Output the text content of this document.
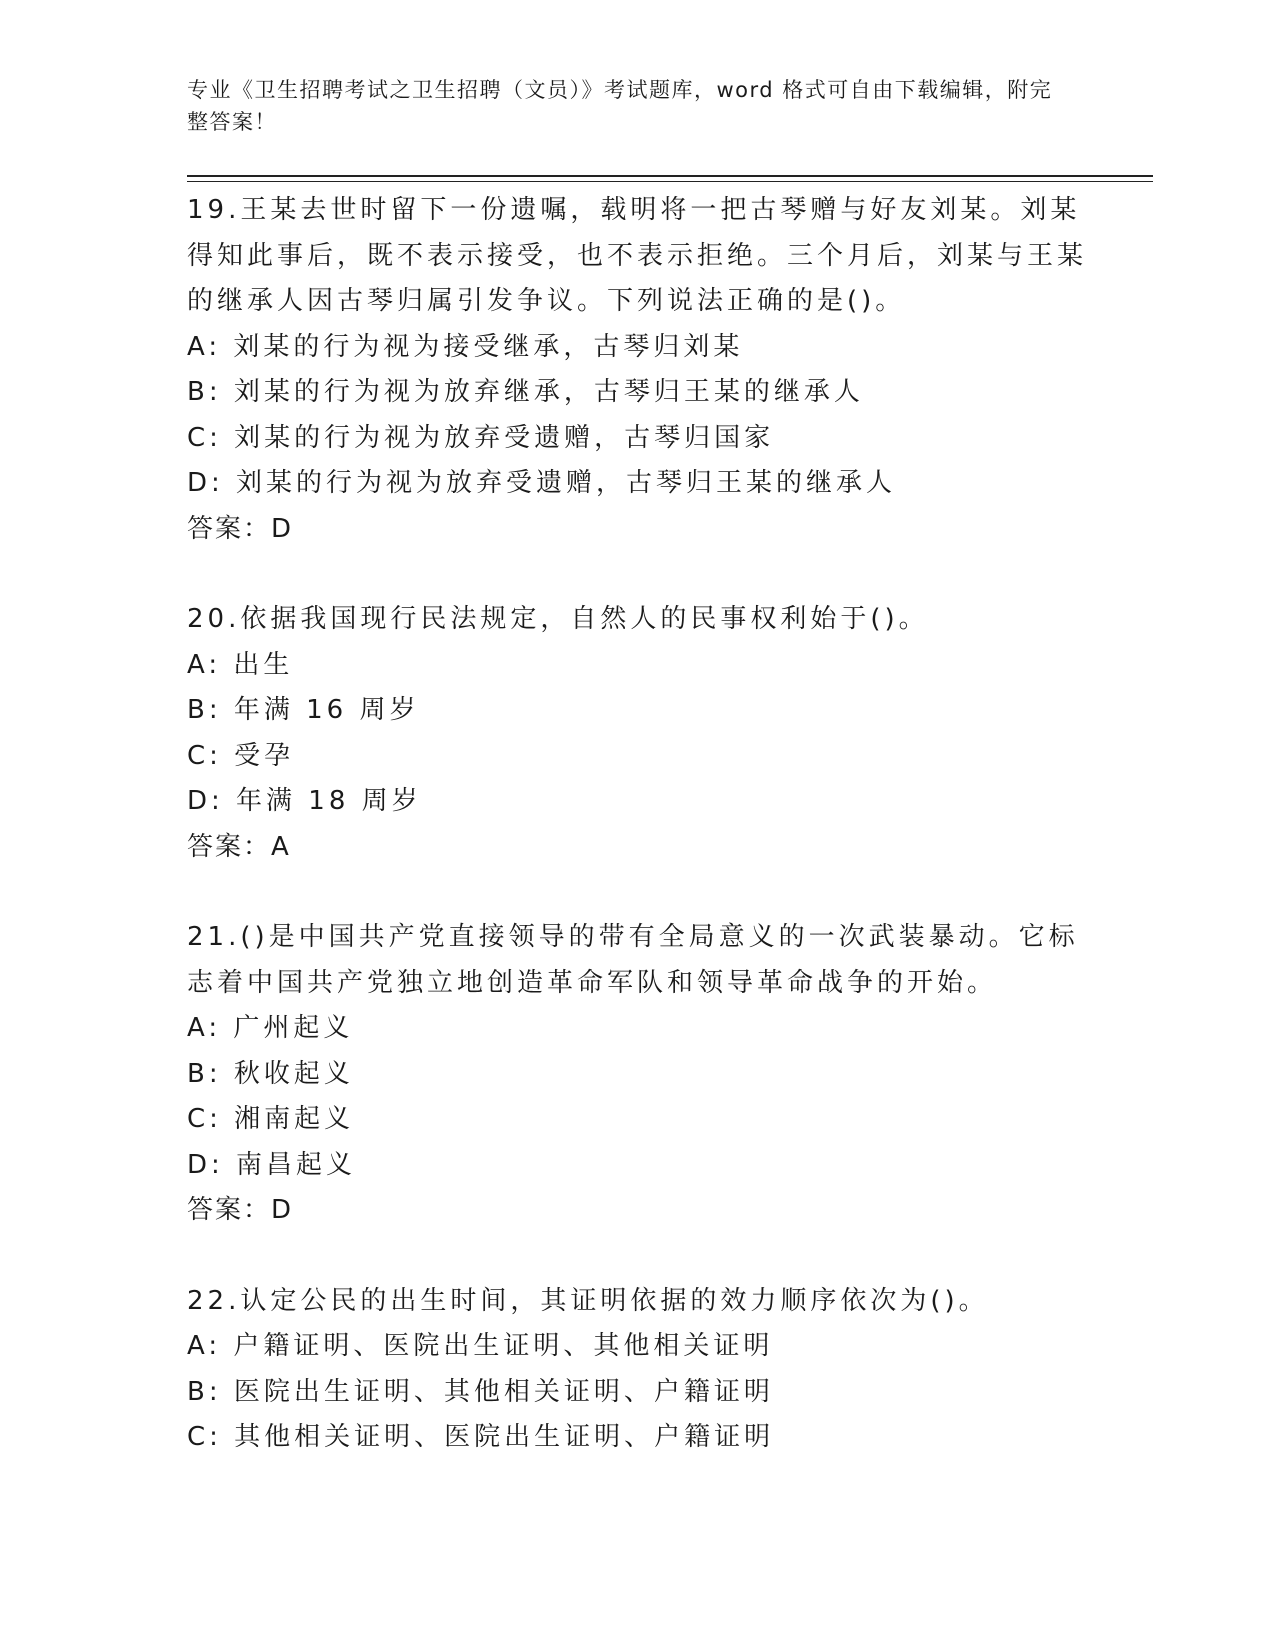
专业《卫生招聘考试之卫生招聘（文员）》考试题库，word 格式可自由下载编辑，附完整答案！

19.王某去世时留下一份遗嘱，载明将一把古琴赠与好友刘某。刘某得知此事后，既不表示接受，也不表示拒绝。三个月后，刘某与王某的继承人因古琴归属引发争议。下列说法正确的是()。

A: 刘某的行为视为接受继承，古琴归刘某

B: 刘某的行为视为放弃继承，古琴归王某的继承人

C: 刘某的行为视为放弃受遗赠，古琴归国家

D: 刘某的行为视为放弃受遗赠，古琴归王某的继承人

答案：D

20.依据我国现行民法规定，自然人的民事权利始于()。

A: 出生

B: 年满 16 周岁

C: 受孕

D: 年满 18 周岁

答案：A

21.()是中国共产党直接领导的带有全局意义的一次武装暴动。它标志着中国共产党独立地创造革命军队和领导革命战争的开始。

A: 广州起义

B: 秋收起义

C: 湘南起义

D: 南昌起义

答案：D

22.认定公民的出生时间，其证明依据的效力顺序依次为()。

A: 户籍证明、医院出生证明、其他相关证明

B: 医院出生证明、其他相关证明、户籍证明

C: 其他相关证明、医院出生证明、户籍证明
